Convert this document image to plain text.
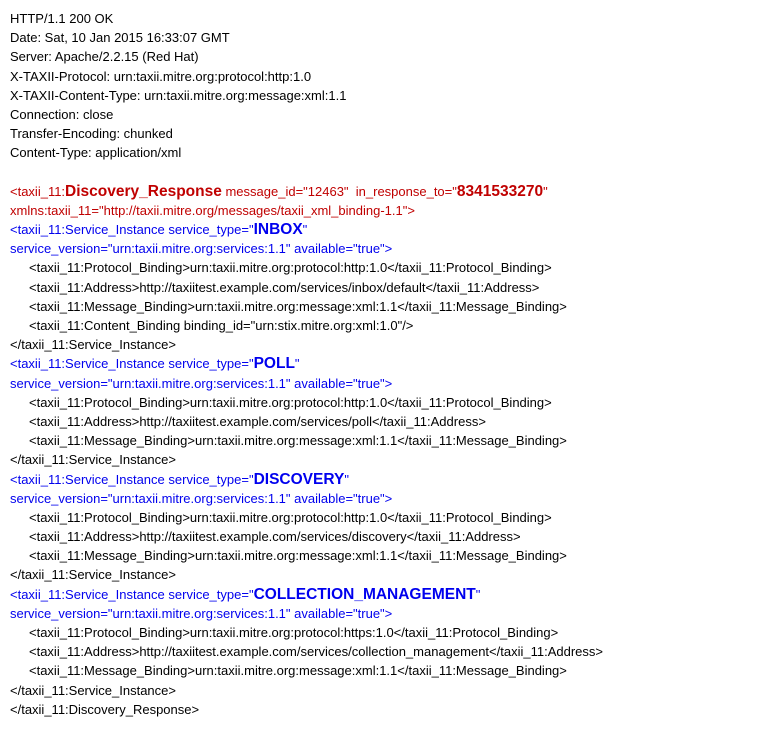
HTTP/1.1 200 OK
Date: Sat, 10 Jan 2015 16:33:07 GMT
Server: Apache/2.2.15 (Red Hat)
X-TAXII-Protocol: urn:taxii.mitre.org:protocol:http:1.0
X-TAXII-Content-Type: urn:taxii.mitre.org:message:xml:1.1
Connection: close
Transfer-Encoding: chunked
Content-Type: application/xml
<taxii_11:Discovery_Response message_id="12463"  in_response_to="8341533270"
xmlns:taxii_11="http://taxii.mitre.org/messages/taxii_xml_binding-1.1">
<taxii_11:Service_Instance service_type="INBOX"
service_version="urn:taxii.mitre.org:services:1.1" available="true">
<taxii_11:Protocol_Binding>urn:taxii.mitre.org:protocol:http:1.0</taxii_11:Protocol_Binding>
<taxii_11:Address>http://taxiitest.example.com/services/inbox/default</taxii_11:Address>
<taxii_11:Message_Binding>urn:taxii.mitre.org:message:xml:1.1</taxii_11:Message_Binding>
<taxii_11:Content_Binding binding_id="urn:stix.mitre.org:xml:1.0"/>
</taxii_11:Service_Instance>
<taxii_11:Service_Instance service_type="POLL"
service_version="urn:taxii.mitre.org:services:1.1" available="true">
<taxii_11:Protocol_Binding>urn:taxii.mitre.org:protocol:http:1.0</taxii_11:Protocol_Binding>
<taxii_11:Address>http://taxiitest.example.com/services/poll</taxii_11:Address>
<taxii_11:Message_Binding>urn:taxii.mitre.org:message:xml:1.1</taxii_11:Message_Binding>
</taxii_11:Service_Instance>
<taxii_11:Service_Instance service_type="DISCOVERY"
service_version="urn:taxii.mitre.org:services:1.1" available="true">
<taxii_11:Protocol_Binding>urn:taxii.mitre.org:protocol:http:1.0</taxii_11:Protocol_Binding>
<taxii_11:Address>http://taxiitest.example.com/services/discovery</taxii_11:Address>
<taxii_11:Message_Binding>urn:taxii.mitre.org:message:xml:1.1</taxii_11:Message_Binding>
</taxii_11:Service_Instance>
<taxii_11:Service_Instance service_type="COLLECTION_MANAGEMENT"
service_version="urn:taxii.mitre.org:services:1.1" available="true">
<taxii_11:Protocol_Binding>urn:taxii.mitre.org:protocol:https:1.0</taxii_11:Protocol_Binding>
<taxii_11:Address>http://taxiitest.example.com/services/collection_management</taxii_11:Address>
<taxii_11:Message_Binding>urn:taxii.mitre.org:message:xml:1.1</taxii_11:Message_Binding>
</taxii_11:Service_Instance>
</taxii_11:Discovery_Response>
